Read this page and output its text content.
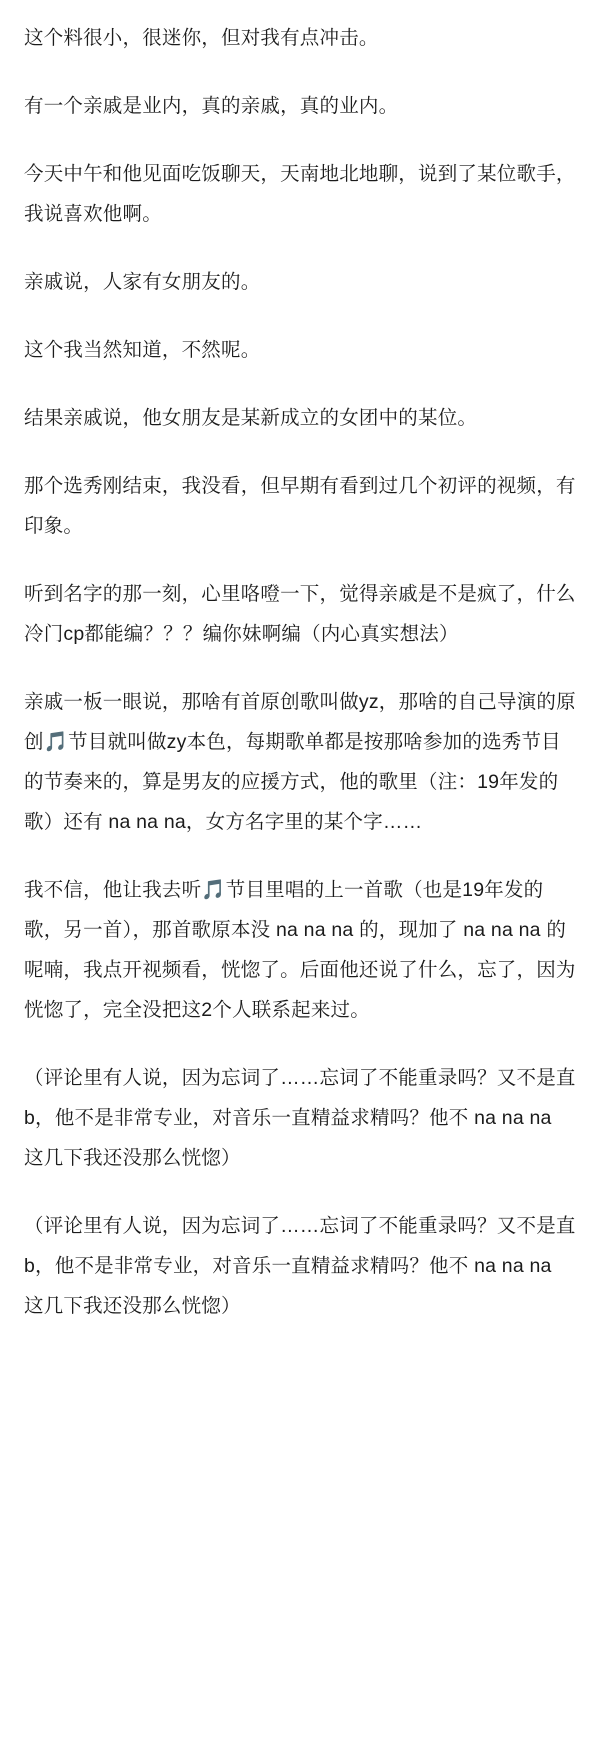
这个料很小，很迷你，但对我有点冲击。

有一个亲戚是业内，真的亲戚，真的业内。

今天中午和他见面吃饭聊天，天南地北地聊，说到了某位歌手，我说喜欢他啊。

亲戚说，人家有女朋友的。

这个我当然知道，不然呢。

结果亲戚说，他女朋友是某新成立的女团中的某位。

那个选秀刚结束，我没看，但早期有看到过几个初评的视频，有印象。

听到名字的那一刻，心里咯噔一下，觉得亲戚是不是疯了，什么冷门cp都能编？？？编你妹啊编（内心真实想法）

亲戚一板一眼说，那啥有首原创歌叫做yz，那啥的自己导演的原创🎵节目就叫做zy本色，每期歌单都是按那啥参加的选秀节目的节奏来的，算是男友的应援方式，他的歌里（注：19年发的歌）还有 na na na，女方名字里的某个字……

我不信，他让我去听🎵节目里唱的上一首歌（也是19年发的歌，另一首），那首歌原本没 na na na 的，现加了 na na na 的呢喃，我点开视频看，恍惚了。后面他还说了什么，忘了，因为恍惚了，完全没把这2个人联系起来过。

（评论里有人说，因为忘词了……忘词了不能重录吗？又不是直b，他不是非常专业，对音乐一直精益求精吗？他不 na na na 这几下我还没那么恍惚）

（评论里有人说，因为忘词了……忘词了不能重录吗？又不是直b，他不是非常专业，对音乐一直精益求精吗？他不 na na na 这几下我还没那么恍惚）
